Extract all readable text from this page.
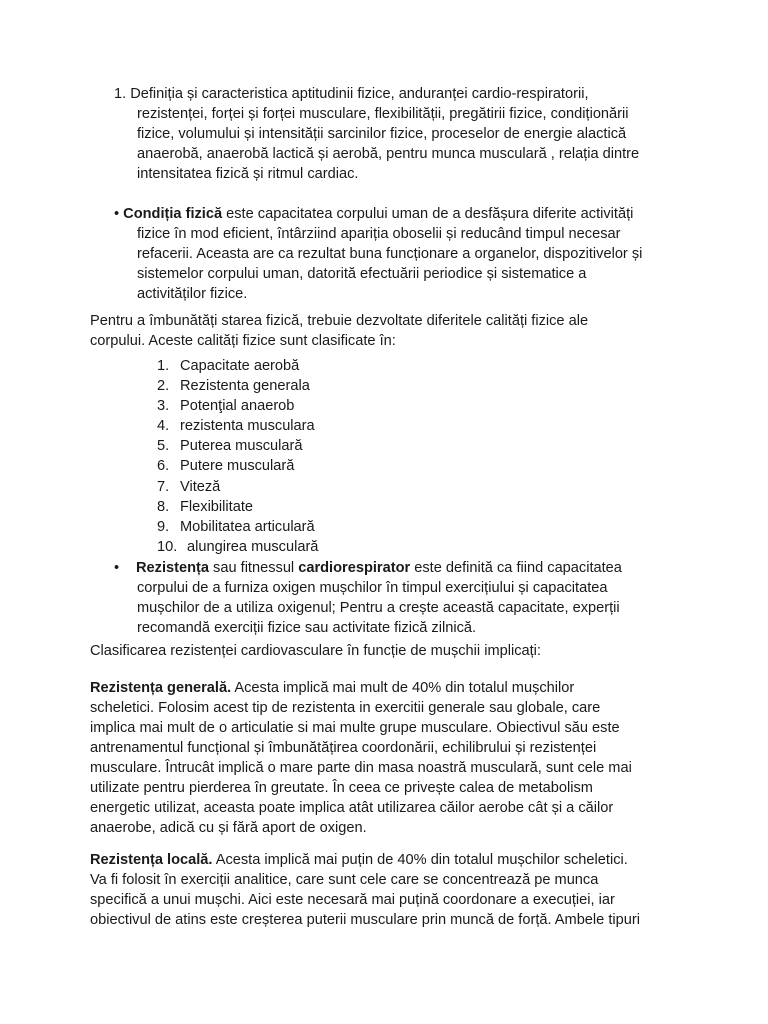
1. Definiția și caracteristica aptitudinii fizice, anduranței cardio-respiratorii,
rezistenței, forței și forței musculare, flexibilității, pregătirii fizice, condiționării
fizice, volumului și intensității sarcinilor fizice, proceselor de energie alactică
anaerobă, anaerobă lactică și aerobă, pentru munca musculară , relația dintre
intensitatea fizică și ritmul cardiac.
• Condiția fizică este capacitatea corpului uman de a desfășura diferite activități
fizice în mod eficient, întârziind apariția oboselii și reducând timpul necesar
refacerii. Aceasta are ca rezultat buna funcționare a organelor, dispozitivelor și
sistemelor corpului uman, datorită efectuării periodice și sistematice a
activităților fizice.
Pentru a îmbunătăți starea fizică, trebuie dezvoltate diferitele calități fizice ale
corpului. Aceste calități fizice sunt clasificate în:
1. Capacitate aerobă
2. Rezistenta generala
3. Potenţial anaerob
4. rezistenta musculara
5. Puterea musculară
6. Putere musculară
7. Viteză
8. Flexibilitate
9. Mobilitatea articulară
10. alungirea musculară
• Rezistența sau fitnessul cardiorespirator este definită ca fiind capacitatea
corpului de a furniza oxigen mușchilor în timpul exercițiului și capacitatea
mușchilor de a utiliza oxigenul; Pentru a crește această capacitate, experții
recomandă exerciții fizice sau activitate fizică zilnică.
Clasificarea rezistenței cardiovasculare în funcție de mușchii implicați:
Rezistența generală. Acesta implică mai mult de 40% din totalul mușchilor
scheletici. Folosim acest tip de rezistenta in exercitii generale sau globale, care
implica mai mult de o articulatie si mai multe grupe musculare. Obiectivul său este
antrenamentul funcțional și îmbunătățirea coordonării, echilibrului și rezistenței
musculare. Întrucât implică o mare parte din masa noastră musculară, sunt cele mai
utilizate pentru pierderea în greutate. În ceea ce privește calea de metabolism
energetic utilizat, aceasta poate implica atât utilizarea căilor aerobe cât și a căilor
anaerobe, adică cu și fără aport de oxigen.
Rezistența locală. Acesta implică mai puțin de 40% din totalul mușchilor scheletici.
Va fi folosit în exerciții analitice, care sunt cele care se concentrează pe munca
specifică a unui mușchi. Aici este necesară mai puțină coordonare a execuției, iar
obiectivul de atins este creșterea puterii musculare prin muncă de forță. Ambele tipuri
